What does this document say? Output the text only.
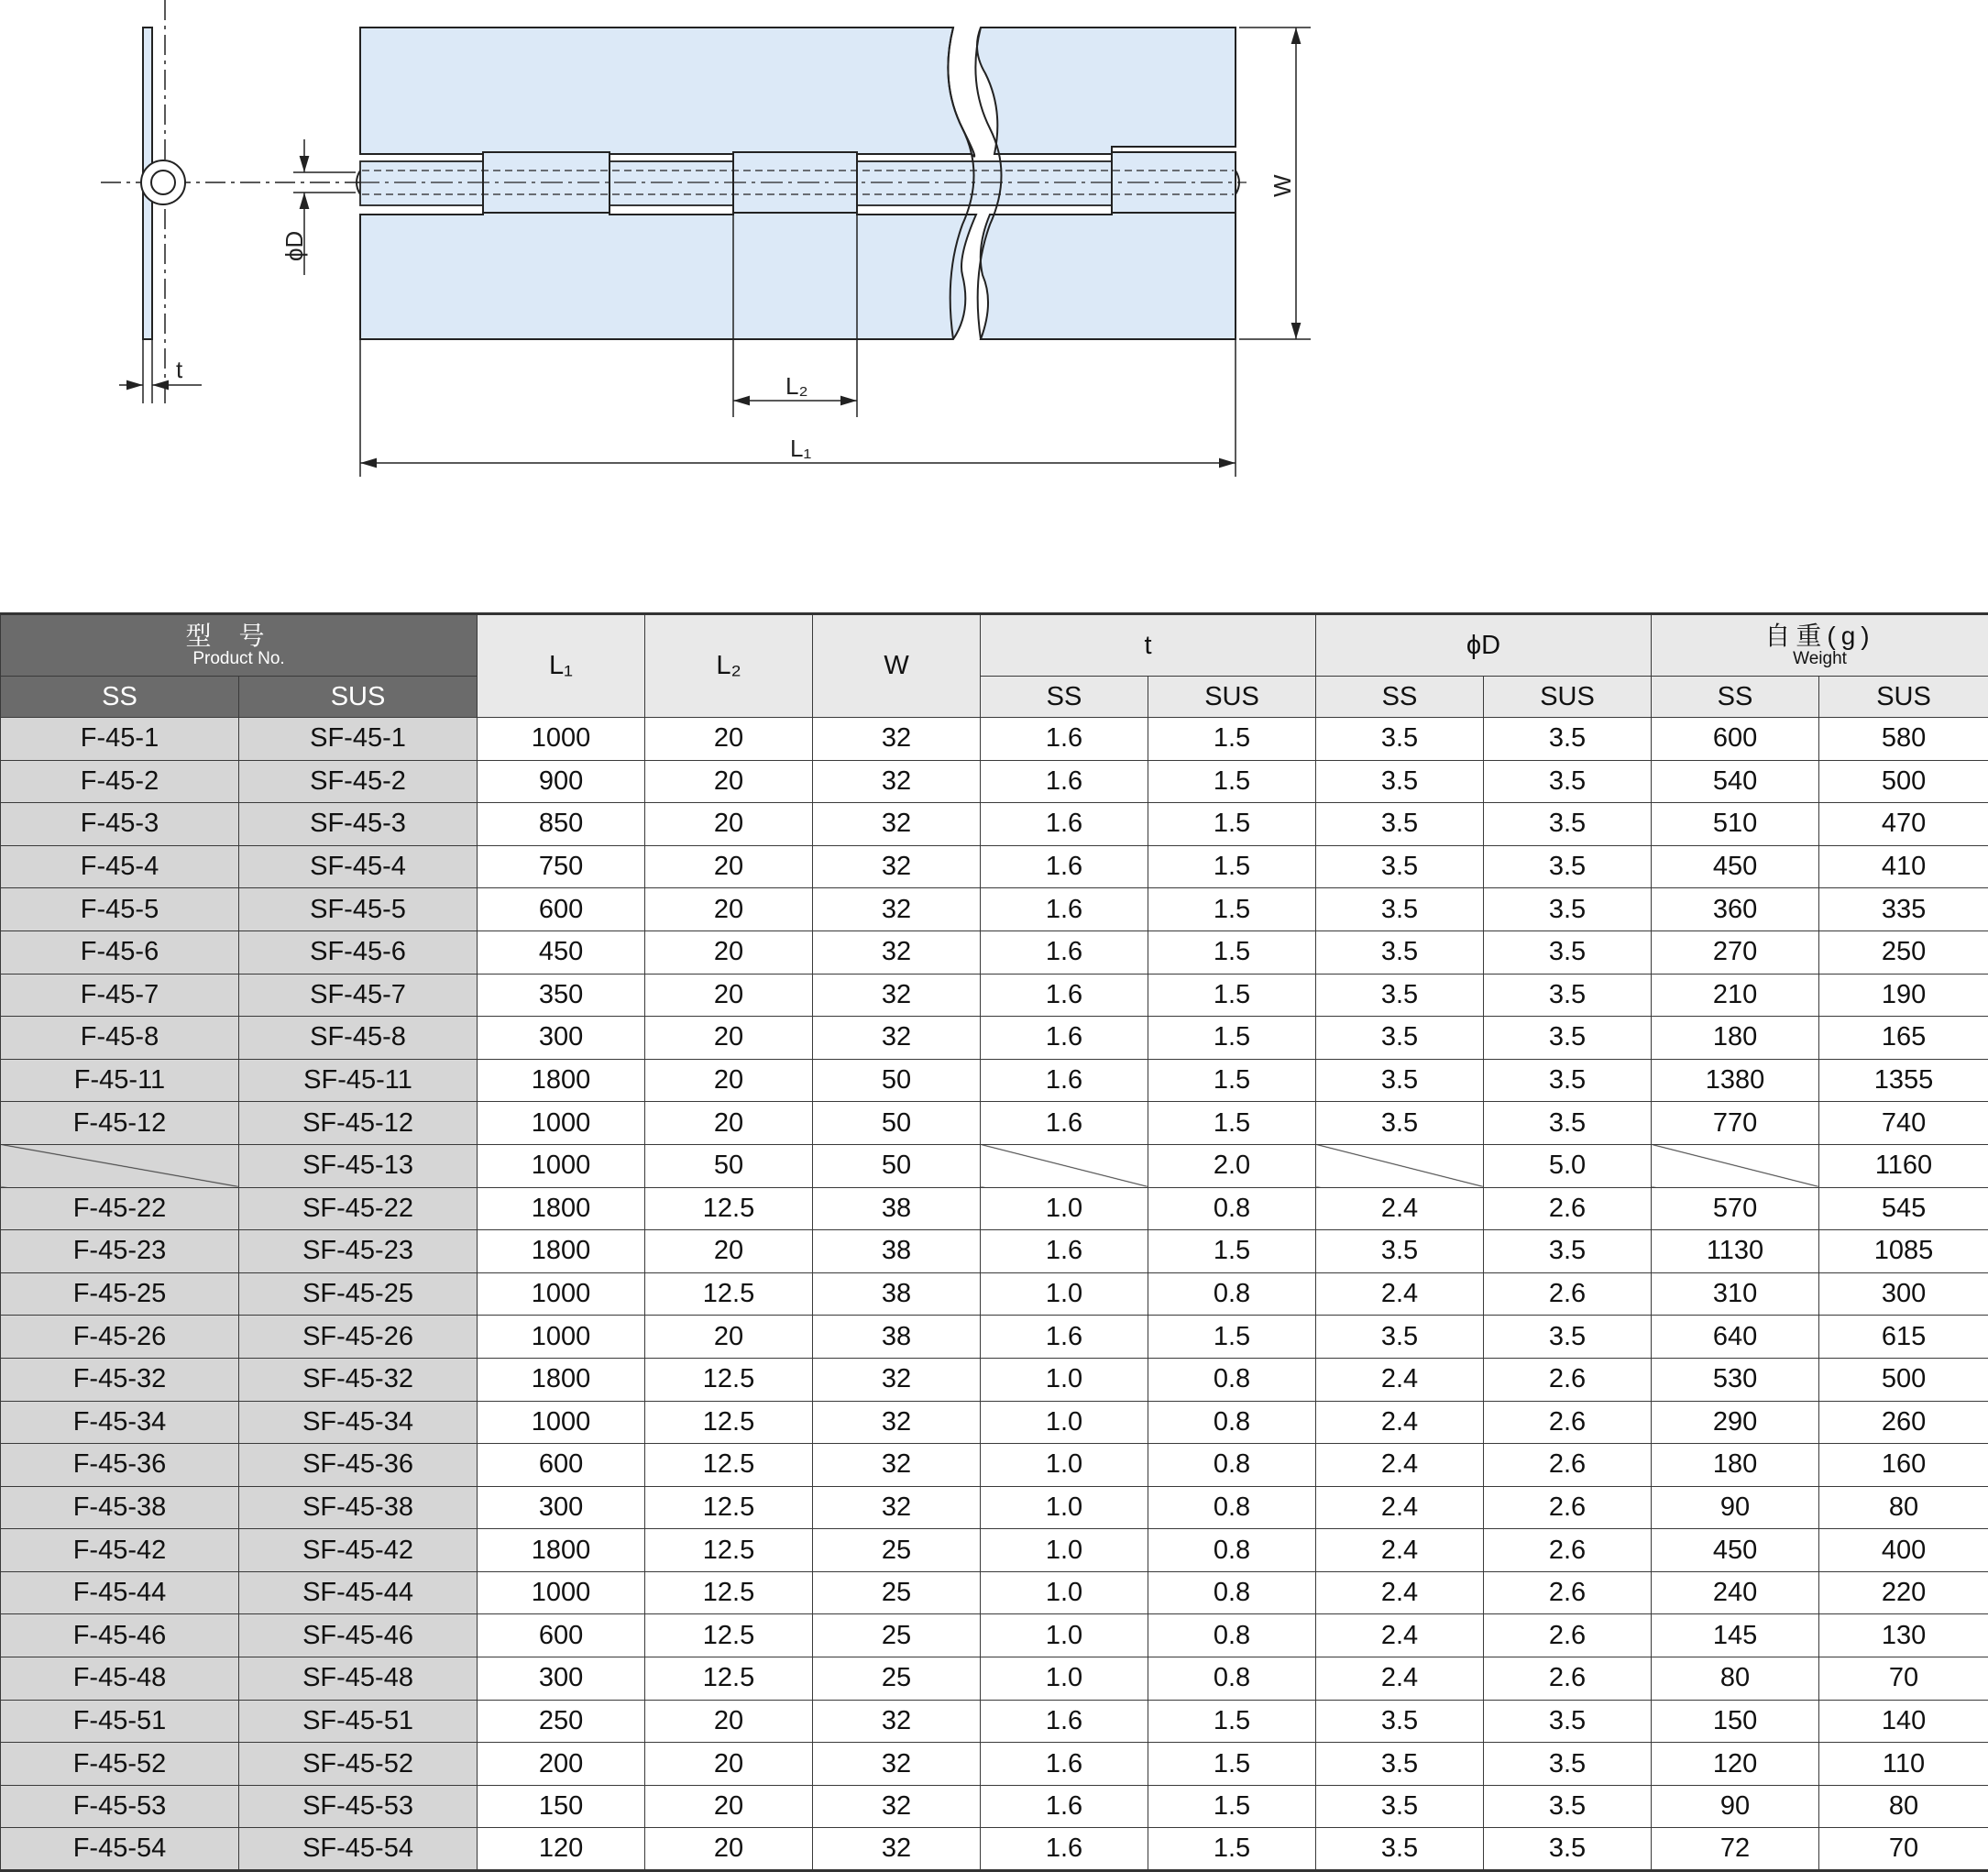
t
ϕD
W
L₂
L₁
型号
Product No.		L₁	L₂	W	t		ϕD		自重(g)
Weight	

SS	SUS				SS	SUS	SS	SUS	SS	SUS
F-45-1	SF-45-1	1000	20	32	1.6	1.5	3.5	3.5	600	580
F-45-2	SF-45-2	900	20	32	1.6	1.5	3.5	3.5	540	500
F-45-3	SF-45-3	850	20	32	1.6	1.5	3.5	3.5	510	470
F-45-4	SF-45-4	750	20	32	1.6	1.5	3.5	3.5	450	410
F-45-5	SF-45-5	600	20	32	1.6	1.5	3.5	3.5	360	335
F-45-6	SF-45-6	450	20	32	1.6	1.5	3.5	3.5	270	250
F-45-7	SF-45-7	350	20	32	1.6	1.5	3.5	3.5	210	190
F-45-8	SF-45-8	300	20	32	1.6	1.5	3.5	3.5	180	165
F-45-11	SF-45-11	1800	20	50	1.6	1.5	3.5	3.5	1380	1355
F-45-12	SF-45-12	1000	20	50	1.6	1.5	3.5	3.5	770	740
	SF-45-13	1000	50	50		2.0		5.0		1160
F-45-22	SF-45-22	1800	12.5	38	1.0	0.8	2.4	2.6	570	545
F-45-23	SF-45-23	1800	20	38	1.6	1.5	3.5	3.5	1130	1085
F-45-25	SF-45-25	1000	12.5	38	1.0	0.8	2.4	2.6	310	300
F-45-26	SF-45-26	1000	20	38	1.6	1.5	3.5	3.5	640	615
F-45-32	SF-45-32	1800	12.5	32	1.0	0.8	2.4	2.6	530	500
F-45-34	SF-45-34	1000	12.5	32	1.0	0.8	2.4	2.6	290	260
F-45-36	SF-45-36	600	12.5	32	1.0	0.8	2.4	2.6	180	160
F-45-38	SF-45-38	300	12.5	32	1.0	0.8	2.4	2.6	90	80
F-45-42	SF-45-42	1800	12.5	25	1.0	0.8	2.4	2.6	450	400
F-45-44	SF-45-44	1000	12.5	25	1.0	0.8	2.4	2.6	240	220
F-45-46	SF-45-46	600	12.5	25	1.0	0.8	2.4	2.6	145	130
F-45-48	SF-45-48	300	12.5	25	1.0	0.8	2.4	2.6	80	70
F-45-51	SF-45-51	250	20	32	1.6	1.5	3.5	3.5	150	140
F-45-52	SF-45-52	200	20	32	1.6	1.5	3.5	3.5	120	110
F-45-53	SF-45-53	150	20	32	1.6	1.5	3.5	3.5	90	80
F-45-54	SF-45-54	120	20	32	1.6	1.5	3.5	3.5	72	70
